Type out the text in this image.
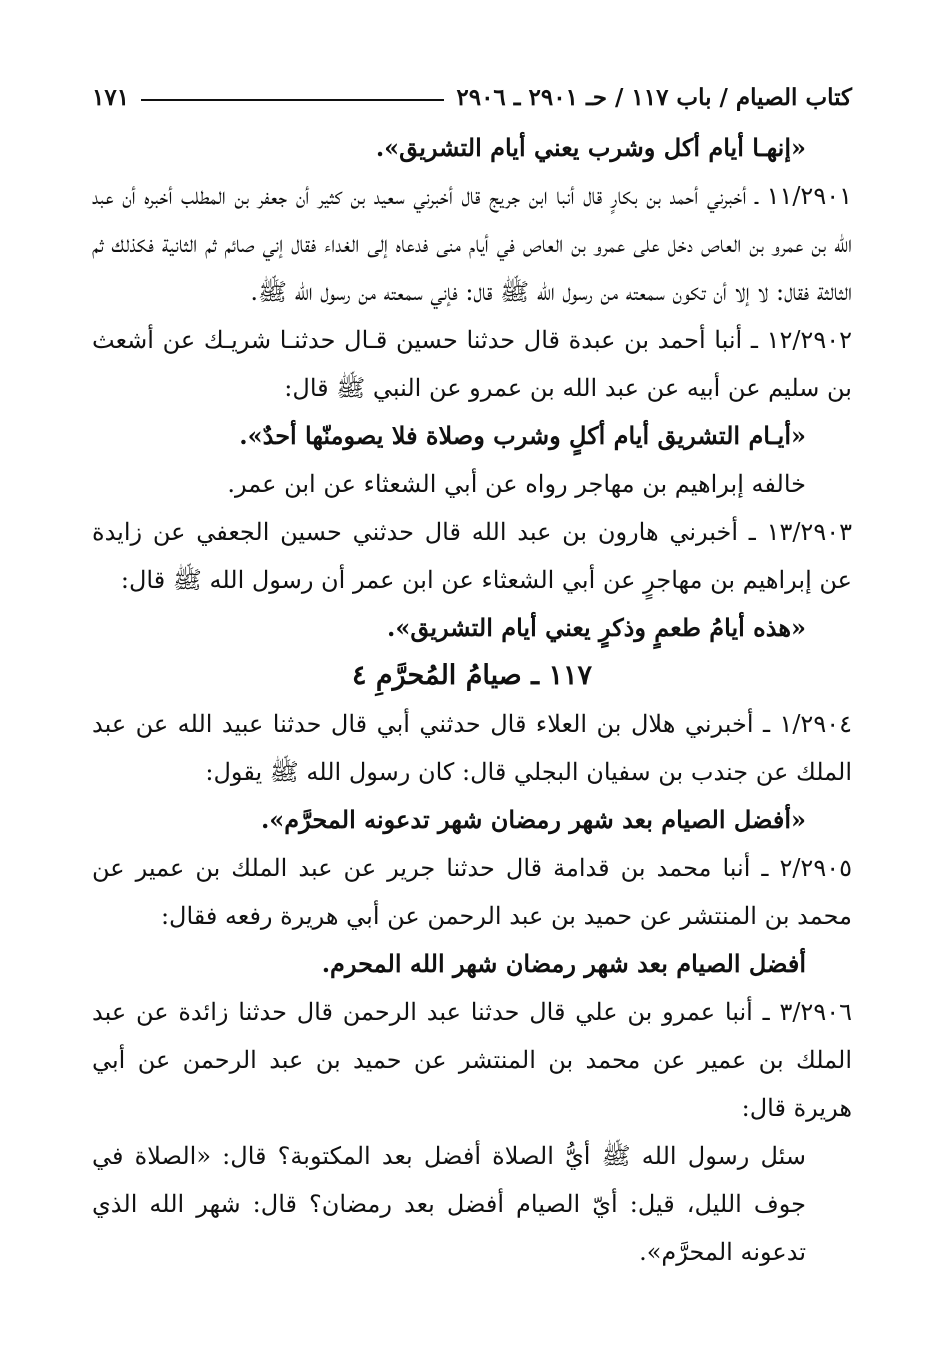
كتاب الصيام / باب ١١٧ / حـ ٢٩٠١ ـ ٢٩٠٦
١٧١

«إنهـا أيام أكل وشرب يعني أيام التشريق».

١١/٢٩٠١ ـ أخبرني أحمد بن بكارٍ قال أنبا ابن جريج قال أخبرني سعيد بن كثير أن جعفر بن المطلب أخبره أن عبد الله بن عمرو بن العاص دخل على عمرو بن العاص في أيام منى فدعاه إلى الغداء فقال إني صائم ثم الثانية فكذلك ثم الثالثة فقال: لا إلا أن تكون سمعته من رسول الله ﷺ قال: فإني سمعته من رسول الله ﷺ.

١٢/٢٩٠٢ ـ أنبا أحمد بن عبدة قال حدثنا حسين قـال حدثنـا شريـك عن أشعث بن سليم عن أبيه عن عبد الله بن عمرو عن النبي ﷺ قال:

«أيـام التشريق أيام أكلٍ وشرب وصلاة فلا يصومنّها أحدٌ».

خالفه إبراهيم بن مهاجر رواه عن أبي الشعثاء عن ابن عمر.

١٣/٢٩٠٣ ـ أخبرني هارون بن عبد الله قال حدثني حسين الجعفي عن زايدة عن إبراهيم بن مهاجرٍ عن أبي الشعثاء عن ابن عمر أن رسول الله ﷺ قال:

«هذه أيامُ طعمٍ وذكرٍ يعني أيام التشريق».

١١٧ ـ صيامُ المُحرَّمِ ٤

١/٢٩٠٤ ـ أخبرني هلال بن العلاء قال حدثني أبي قال حدثنا عبيد الله عن عبد الملك عن جندب بن سفيان البجلي قال: كان رسول الله ﷺ يقول:

«أفضل الصيام بعد شهر رمضان شهر تدعونه المحرَّم».

٢/٢٩٠٥ ـ أنبا محمد بن قدامة قال حدثنا جرير عن عبد الملك بن عمير عن محمد بن المنتشر عن حميد بن عبد الرحمن عن أبي هريرة رفعه فقال:

أفضل الصيام بعد شهر رمضان شهر الله المحرم.

٣/٢٩٠٦ ـ أنبا عمرو بن علي قال حدثنا عبد الرحمن قال حدثنا زائدة عن عبد الملك بن عمير عن محمد بن المنتشر عن حميد بن عبد الرحمن عن أبي هريرة قال:

سئل رسول الله ﷺ أيُّ الصلاة أفضل بعد المكتوبة؟ قال: «الصلاة في جوف الليل، قيل: أيّ الصيام أفضل بعد رمضان؟ قال: شهر الله الذي تدعونه المحرَّم».
